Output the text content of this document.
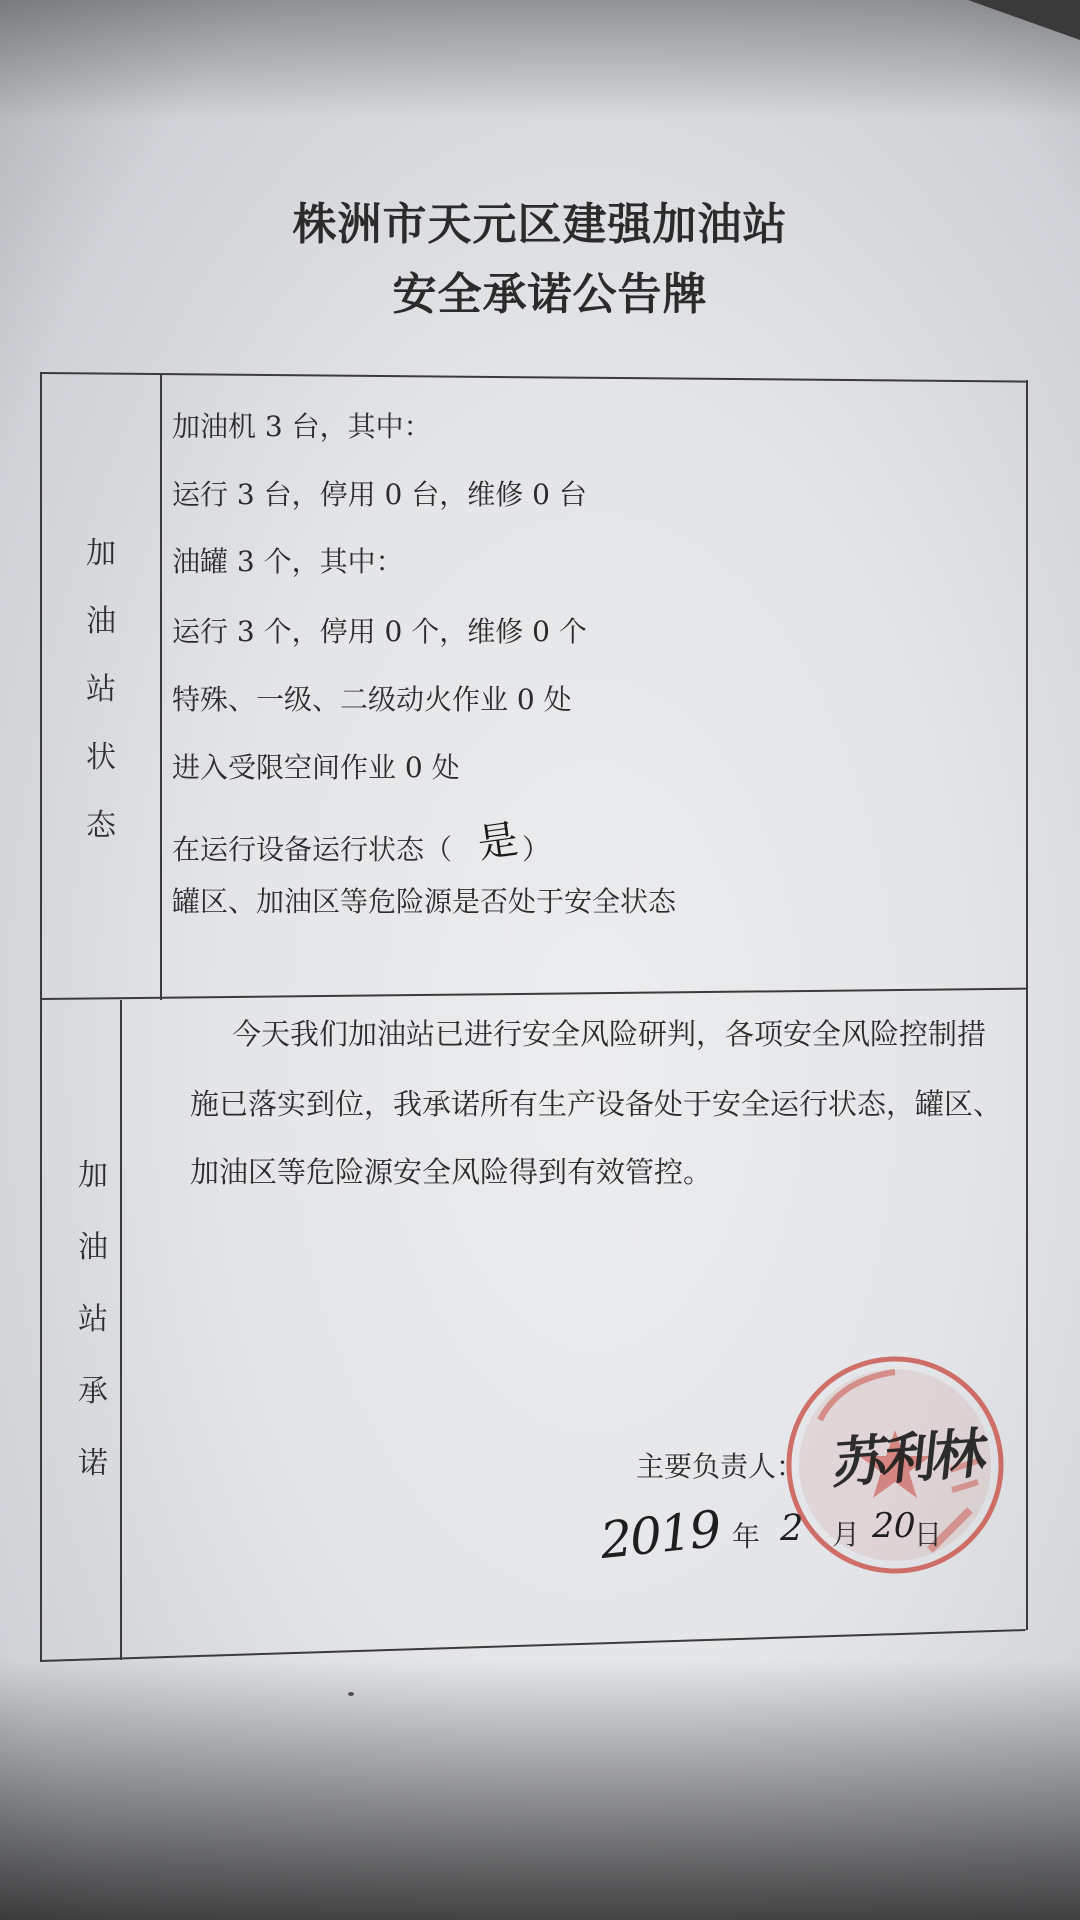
株洲市天元区建强加油站
安全承诺公告牌
加
油
站
状
态
加油机 3 台，其中：
运行 3 台，停用 0 台，维修 0 台
油罐 3 个，其中：
运行 3 个，停用 0 个，维修 0 个
特殊、一级、二级动火作业 0 处
进入受限空间作业 0 处
在运行设备运行状态（ 是）
罐区、加油区等危险源是否处于安全状态
加
油
站
承
诺
今天我们加油站已进行安全风险研判，各项安全风险控制措
施已落实到位，我承诺所有生产设备处于安全运行状态，罐区、
加油区等危险源安全风险得到有效管控。
主要负责人： 苏利林
2019 年 2 月 20
日
